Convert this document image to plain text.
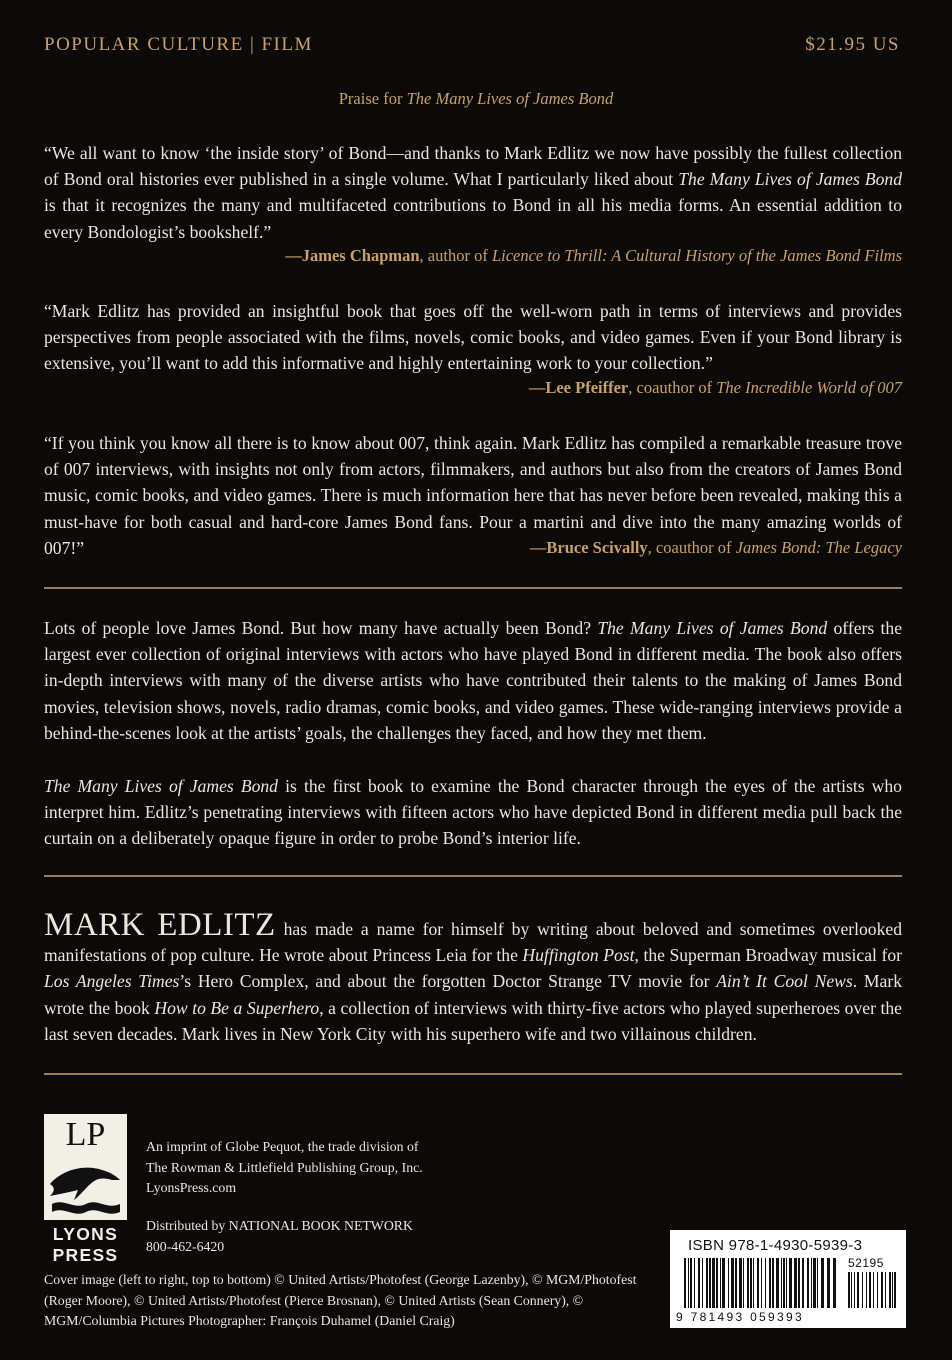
POPULAR CULTURE | FILM	$21.95 US
Praise for The Many Lives of James Bond
“We all want to know ‘the inside story’ of Bond—and thanks to Mark Edlitz we now have possibly the fullest collection of Bond oral histories ever published in a single volume. What I particularly liked about The Many Lives of James Bond is that it recognizes the many and multifaceted contributions to Bond in all his media forms. An essential addition to every Bondologist’s bookshelf.”
—James Chapman, author of Licence to Thrill: A Cultural History of the James Bond Films
“Mark Edlitz has provided an insightful book that goes off the well-worn path in terms of interviews and provides perspectives from people associated with the films, novels, comic books, and video games. Even if your Bond library is extensive, you’ll want to add this informative and highly entertaining work to your collection.”
—Lee Pfeiffer, coauthor of The Incredible World of 007
“If you think you know all there is to know about 007, think again. Mark Edlitz has compiled a remarkable treasure trove of 007 interviews, with insights not only from actors, filmmakers, and authors but also from the creators of James Bond music, comic books, and video games. There is much information here that has never before been revealed, making this a must-have for both casual and hard-core James Bond fans. Pour a martini and dive into the many amazing worlds of 007!”	—Bruce Scivally, coauthor of James Bond: The Legacy
Lots of people love James Bond. But how many have actually been Bond? The Many Lives of James Bond offers the largest ever collection of original interviews with actors who have played Bond in different media. The book also offers in-depth interviews with many of the diverse artists who have contributed their talents to the making of James Bond movies, television shows, novels, radio dramas, comic books, and video games. These wide-ranging interviews provide a behind-the-scenes look at the artists’ goals, the challenges they faced, and how they met them.
The Many Lives of James Bond is the first book to examine the Bond character through the eyes of the artists who interpret him. Edlitz’s penetrating interviews with fifteen actors who have depicted Bond in different media pull back the curtain on a deliberately opaque figure in order to probe Bond’s interior life.
MARK EDLITZ has made a name for himself by writing about beloved and sometimes overlooked manifestations of pop culture. He wrote about Princess Leia for the Huffington Post, the Superman Broadway musical for Los Angeles Times’s Hero Complex, and about the forgotten Doctor Strange TV movie for Ain’t It Cool News. Mark wrote the book How to Be a Superhero, a collection of interviews with thirty-five actors who played superheroes over the last seven decades. Mark lives in New York City with his superhero wife and two villainous children.
LP
LYONS
PRESS
An imprint of Globe Pequot, the trade division of
The Rowman & Littlefield Publishing Group, Inc.
LyonsPress.com
Distributed by NATIONAL BOOK NETWORK
800-462-6420
Cover image (left to right, top to bottom) © United Artists/Photofest (George Lazenby), © MGM/Photofest (Roger Moore), © United Artists/Photofest (Pierce Brosnan), © United Artists (Sean Connery), © MGM/Columbia Pictures Photographer: François Duhamel (Daniel Craig)
ISBN 978-1-4930-5939-3
52195
9 781493 059393
